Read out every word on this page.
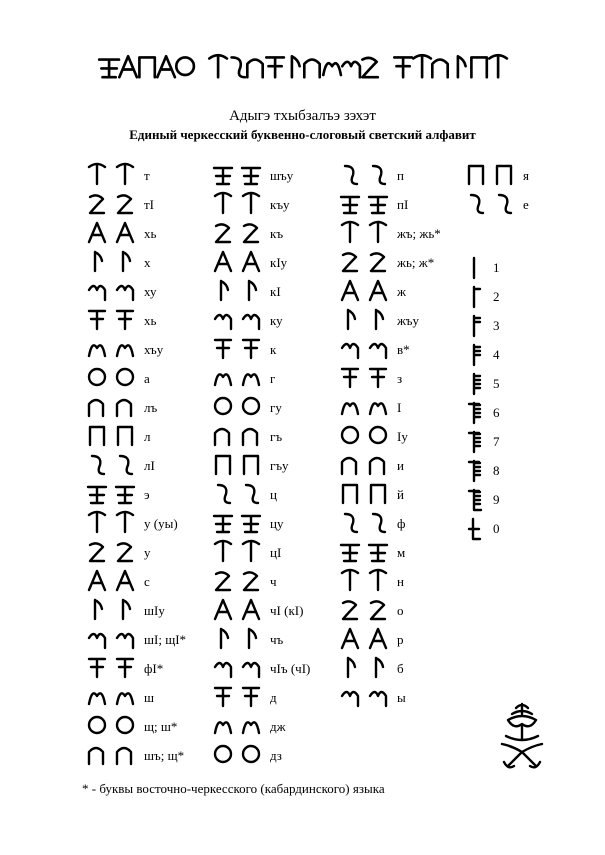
Адыгэ тхыбзалъэ зэхэт
Единый черкесский буквенно-слоговый светский алфавит
т
тI
хь
х
ху
хь
хъу
а
лъ
л
лI
э
у (уы)
у
с
шIу
шI; щI*
фI*
ш
щ; ш*
шъ; щ*
шъу
къу
къ
кIу
кI
ку
к
г
гу
гъ
гъу
ц
цу
цI
ч
чI (кI)
чъ
чIъ (чI)
д
дж
дз
п
пI
жъ; жь*
жь; ж*
ж
жъу
в*
з
I
Iу
и
й
ф
м
н
о
р
б
ы
я
е
1
2
3
4
5
6
7
8
9
0
* - буквы восточно-черкесского (кабардинского) языка
